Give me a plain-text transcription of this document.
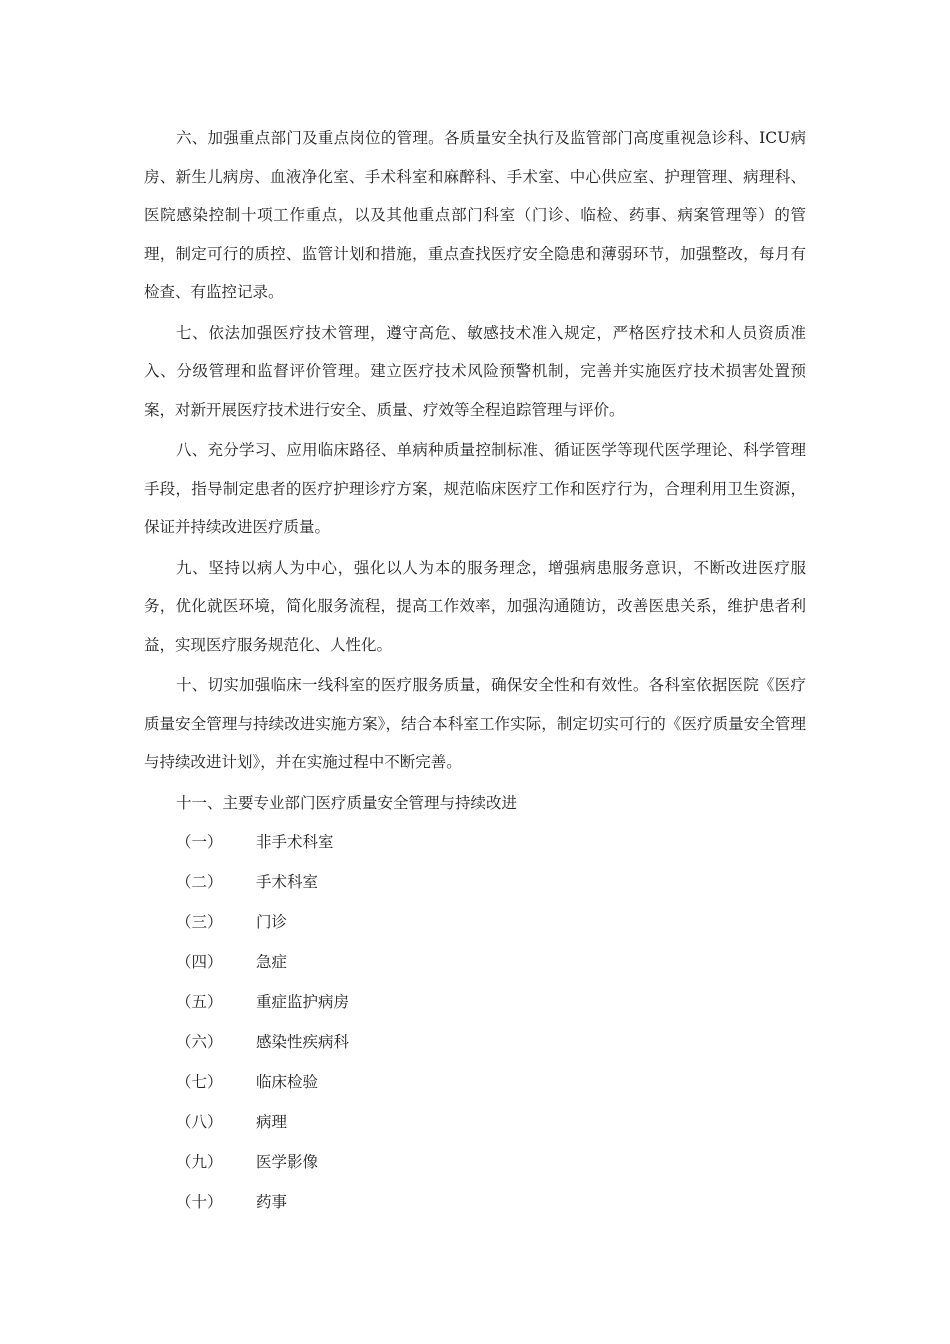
六、加强重点部门及重点岗位的管理。各质量安全执行及监管部门高度重视急诊科、ICU病房、新生儿病房、血液净化室、手术科室和麻醉科、手术室、中心供应室、护理管理、病理科、医院感染控制十项工作重点，以及其他重点部门科室（门诊、临检、药事、病案管理等）的管理，制定可行的质控、监管计划和措施，重点查找医疗安全隐患和薄弱环节，加强整改，每月有检查、有监控记录。

七、依法加强医疗技术管理，遵守高危、敏感技术准入规定，严格医疗技术和人员资质准入、分级管理和监督评价管理。建立医疗技术风险预警机制，完善并实施医疗技术损害处置预案，对新开展医疗技术进行安全、质量、疗效等全程追踪管理与评价。

八、充分学习、应用临床路径、单病种质量控制标准、循证医学等现代医学理论、科学管理手段，指导制定患者的医疗护理诊疗方案，规范临床医疗工作和医疗行为，合理利用卫生资源，保证并持续改进医疗质量。

九、坚持以病人为中心，强化以人为本的服务理念，增强病患服务意识，不断改进医疗服务，优化就医环境，简化服务流程，提高工作效率，加强沟通随访，改善医患关系，维护患者利益，实现医疗服务规范化、人性化。

十、切实加强临床一线科室的医疗服务质量，确保安全性和有效性。各科室依据医院《医疗质量安全管理与持续改进实施方案》，结合本科室工作实际，制定切实可行的《医疗质量安全管理与持续改进计划》，并在实施过程中不断完善。

十一、主要专业部门医疗质量安全管理与持续改进

（一）	非手术科室
（二）	手术科室
（三）	门诊
（四）	急症
（五）	重症监护病房
（六）	感染性疾病科
（七）	临床检验
（八）	病理
（九）	医学影像
（十）	药事
